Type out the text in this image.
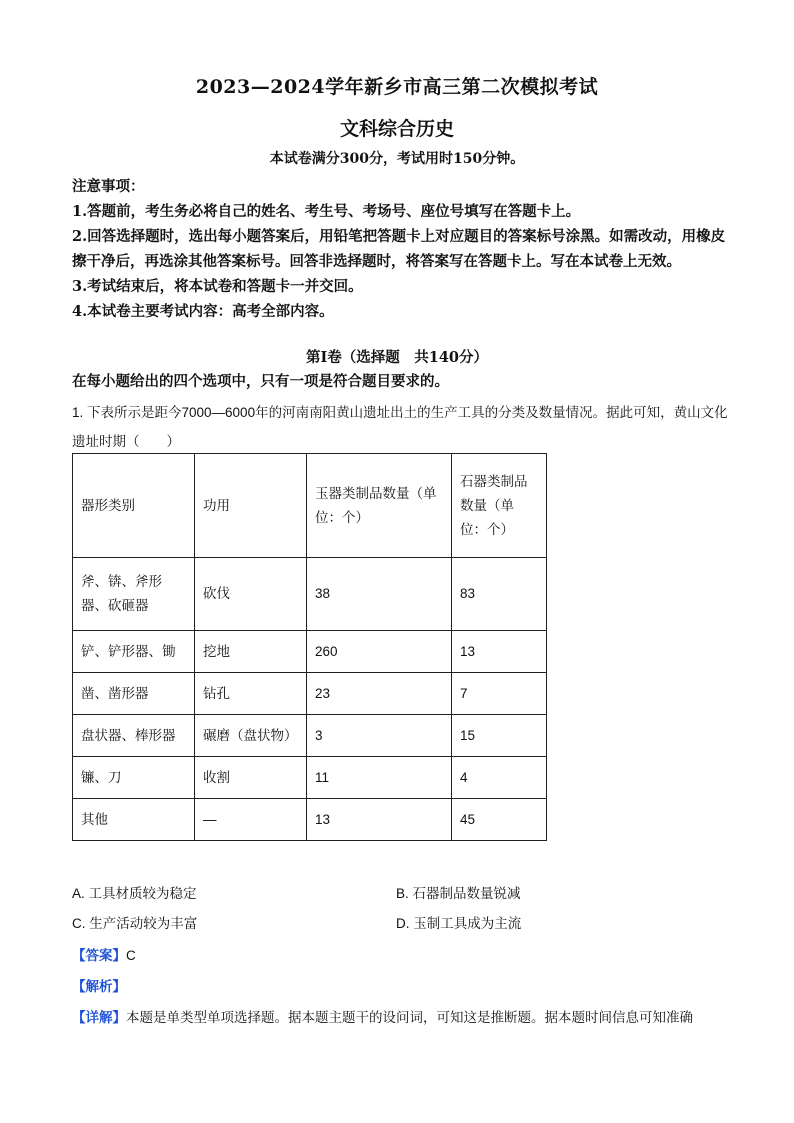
2023—2024学年新乡市高三第二次模拟考试
文科综合历史
本试卷满分300分，考试用时150分钟。

注意事项：

1.答题前，考生务必将自己的姓名、考生号、考场号、座位号填写在答题卡上。

2.回答选择题时，选出每小题答案后，用铅笔把答题卡上对应题目的答案标号涂黑。如需改动，用橡皮擦干净后，再选涂其他答案标号。回答非选择题时，将答案写在答题卡上。写在本试卷上无效。

3.考试结束后，将本试卷和答题卡一并交回。

4.本试卷主要考试内容：高考全部内容。

第Ⅰ卷（选择题　共140分）
在每小题给出的四个选项中，只有一项是符合题目要求的。
1. 下表所示是距今7000—6000年的河南南阳黄山遗址出土的生产工具的分类及数量情况。据此可知，黄山文化遗址时期（　　）
器形类别	功用	玉器类制品数量（单位：个）	石器类制品数量（单位：个）
斧、锛、斧形器、砍砸器	砍伐	38	83
铲、铲形器、锄	挖地	260	13
凿、凿形器	钻孔	23	7
盘状器、棒形器	碾磨（盘状物）	3	15
镰、刀	收割	11	4
其他	—	13	45
A. 工具材质较为稳定	B. 石器制品数量锐减
C. 生产活动较为丰富	D. 玉制工具成为主流
【答案】C
【解析】
【详解】本题是单类型单项选择题。据本题主题干的设问词，可知这是推断题。据本题时间信息可知准确
